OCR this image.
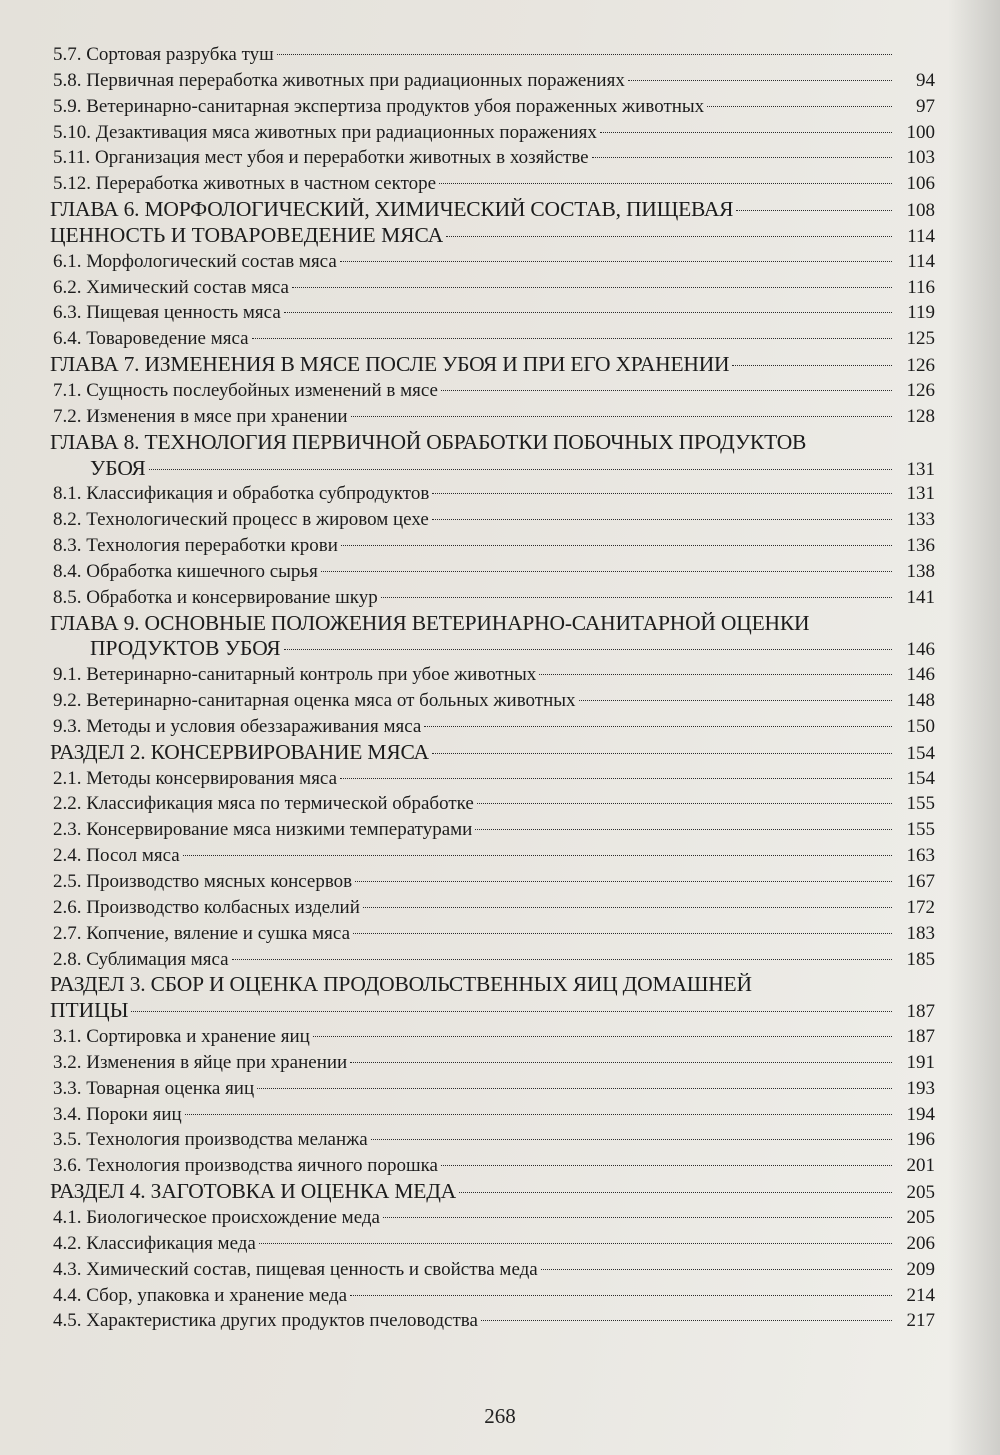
5.7. Сортовая разрубка туш
5.8. Первичная переработка животных при радиационных поражениях	94
5.9. Ветеринарно-санитарная экспертиза продуктов убоя пораженных животных	97
5.10. Дезактивация мяса животных при радиационных поражениях	100
5.11. Организация мест убоя и переработки животных в хозяйстве	103
5.12. Переработка животных в частном секторе	106
ГЛАВА 6. МОРФОЛОГИЧЕСКИЙ, ХИМИЧЕСКИЙ СОСТАВ, ПИЩЕВАЯ	108
ЦЕННОСТЬ И ТОВАРОВЕДЕНИЕ МЯСА	114
6.1. Морфологический состав мяса	114
6.2. Химический состав мяса	116
6.3. Пищевая ценность мяса	119
6.4. Товароведение мяса	125
ГЛАВА 7. ИЗМЕНЕНИЯ В МЯСЕ ПОСЛЕ УБОЯ И ПРИ ЕГО ХРАНЕНИИ	126
7.1. Сущность послеубойных изменений в мясе	126
7.2. Изменения в мясе при хранении	128
ГЛАВА 8. ТЕХНОЛОГИЯ ПЕРВИЧНОЙ ОБРАБОТКИ ПОБОЧНЫХ ПРОДУКТОВ
УБОЯ	131
8.1. Классификация и обработка субпродуктов	131
8.2. Технологический процесс в жировом цехе	133
8.3. Технология переработки крови	136
8.4. Обработка кишечного сырья	138
8.5. Обработка и консервирование шкур	141
ГЛАВА 9. ОСНОВНЫЕ ПОЛОЖЕНИЯ ВЕТЕРИНАРНО-САНИТАРНОЙ ОЦЕНКИ
ПРОДУКТОВ УБОЯ	146
9.1. Ветеринарно-санитарный контроль при убое животных	146
9.2. Ветеринарно-санитарная оценка мяса от больных животных	148
9.3. Методы и условия обеззараживания мяса	150
РАЗДЕЛ 2. КОНСЕРВИРОВАНИЕ МЯСА	154
2.1. Методы консервирования мяса	154
2.2. Классификация мяса по термической обработке	155
2.3. Консервирование мяса низкими температурами	155
2.4. Посол мяса	163
2.5. Производство мясных консервов	167
2.6. Производство колбасных изделий	172
2.7. Копчение, вяление и сушка мяса	183
2.8. Сублимация мяса	185
РАЗДЕЛ 3. СБОР И ОЦЕНКА ПРОДОВОЛЬСТВЕННЫХ ЯИЦ ДОМАШНЕЙ
ПТИЦЫ	187
3.1. Сортировка и хранение яиц	187
3.2. Изменения в яйце при хранении	191
3.3. Товарная оценка яиц	193
3.4. Пороки яиц	194
3.5. Технология производства меланжа	196
3.6. Технология производства яичного порошка	201
РАЗДЕЛ 4. ЗАГОТОВКА И ОЦЕНКА МЕДА	205
4.1. Биологическое происхождение меда	205
4.2. Классификация меда	206
4.3. Химический состав, пищевая ценность и свойства меда	209
4.4. Сбор, упаковка и хранение меда	214
4.5. Характеристика других продуктов пчеловодства	217
268
